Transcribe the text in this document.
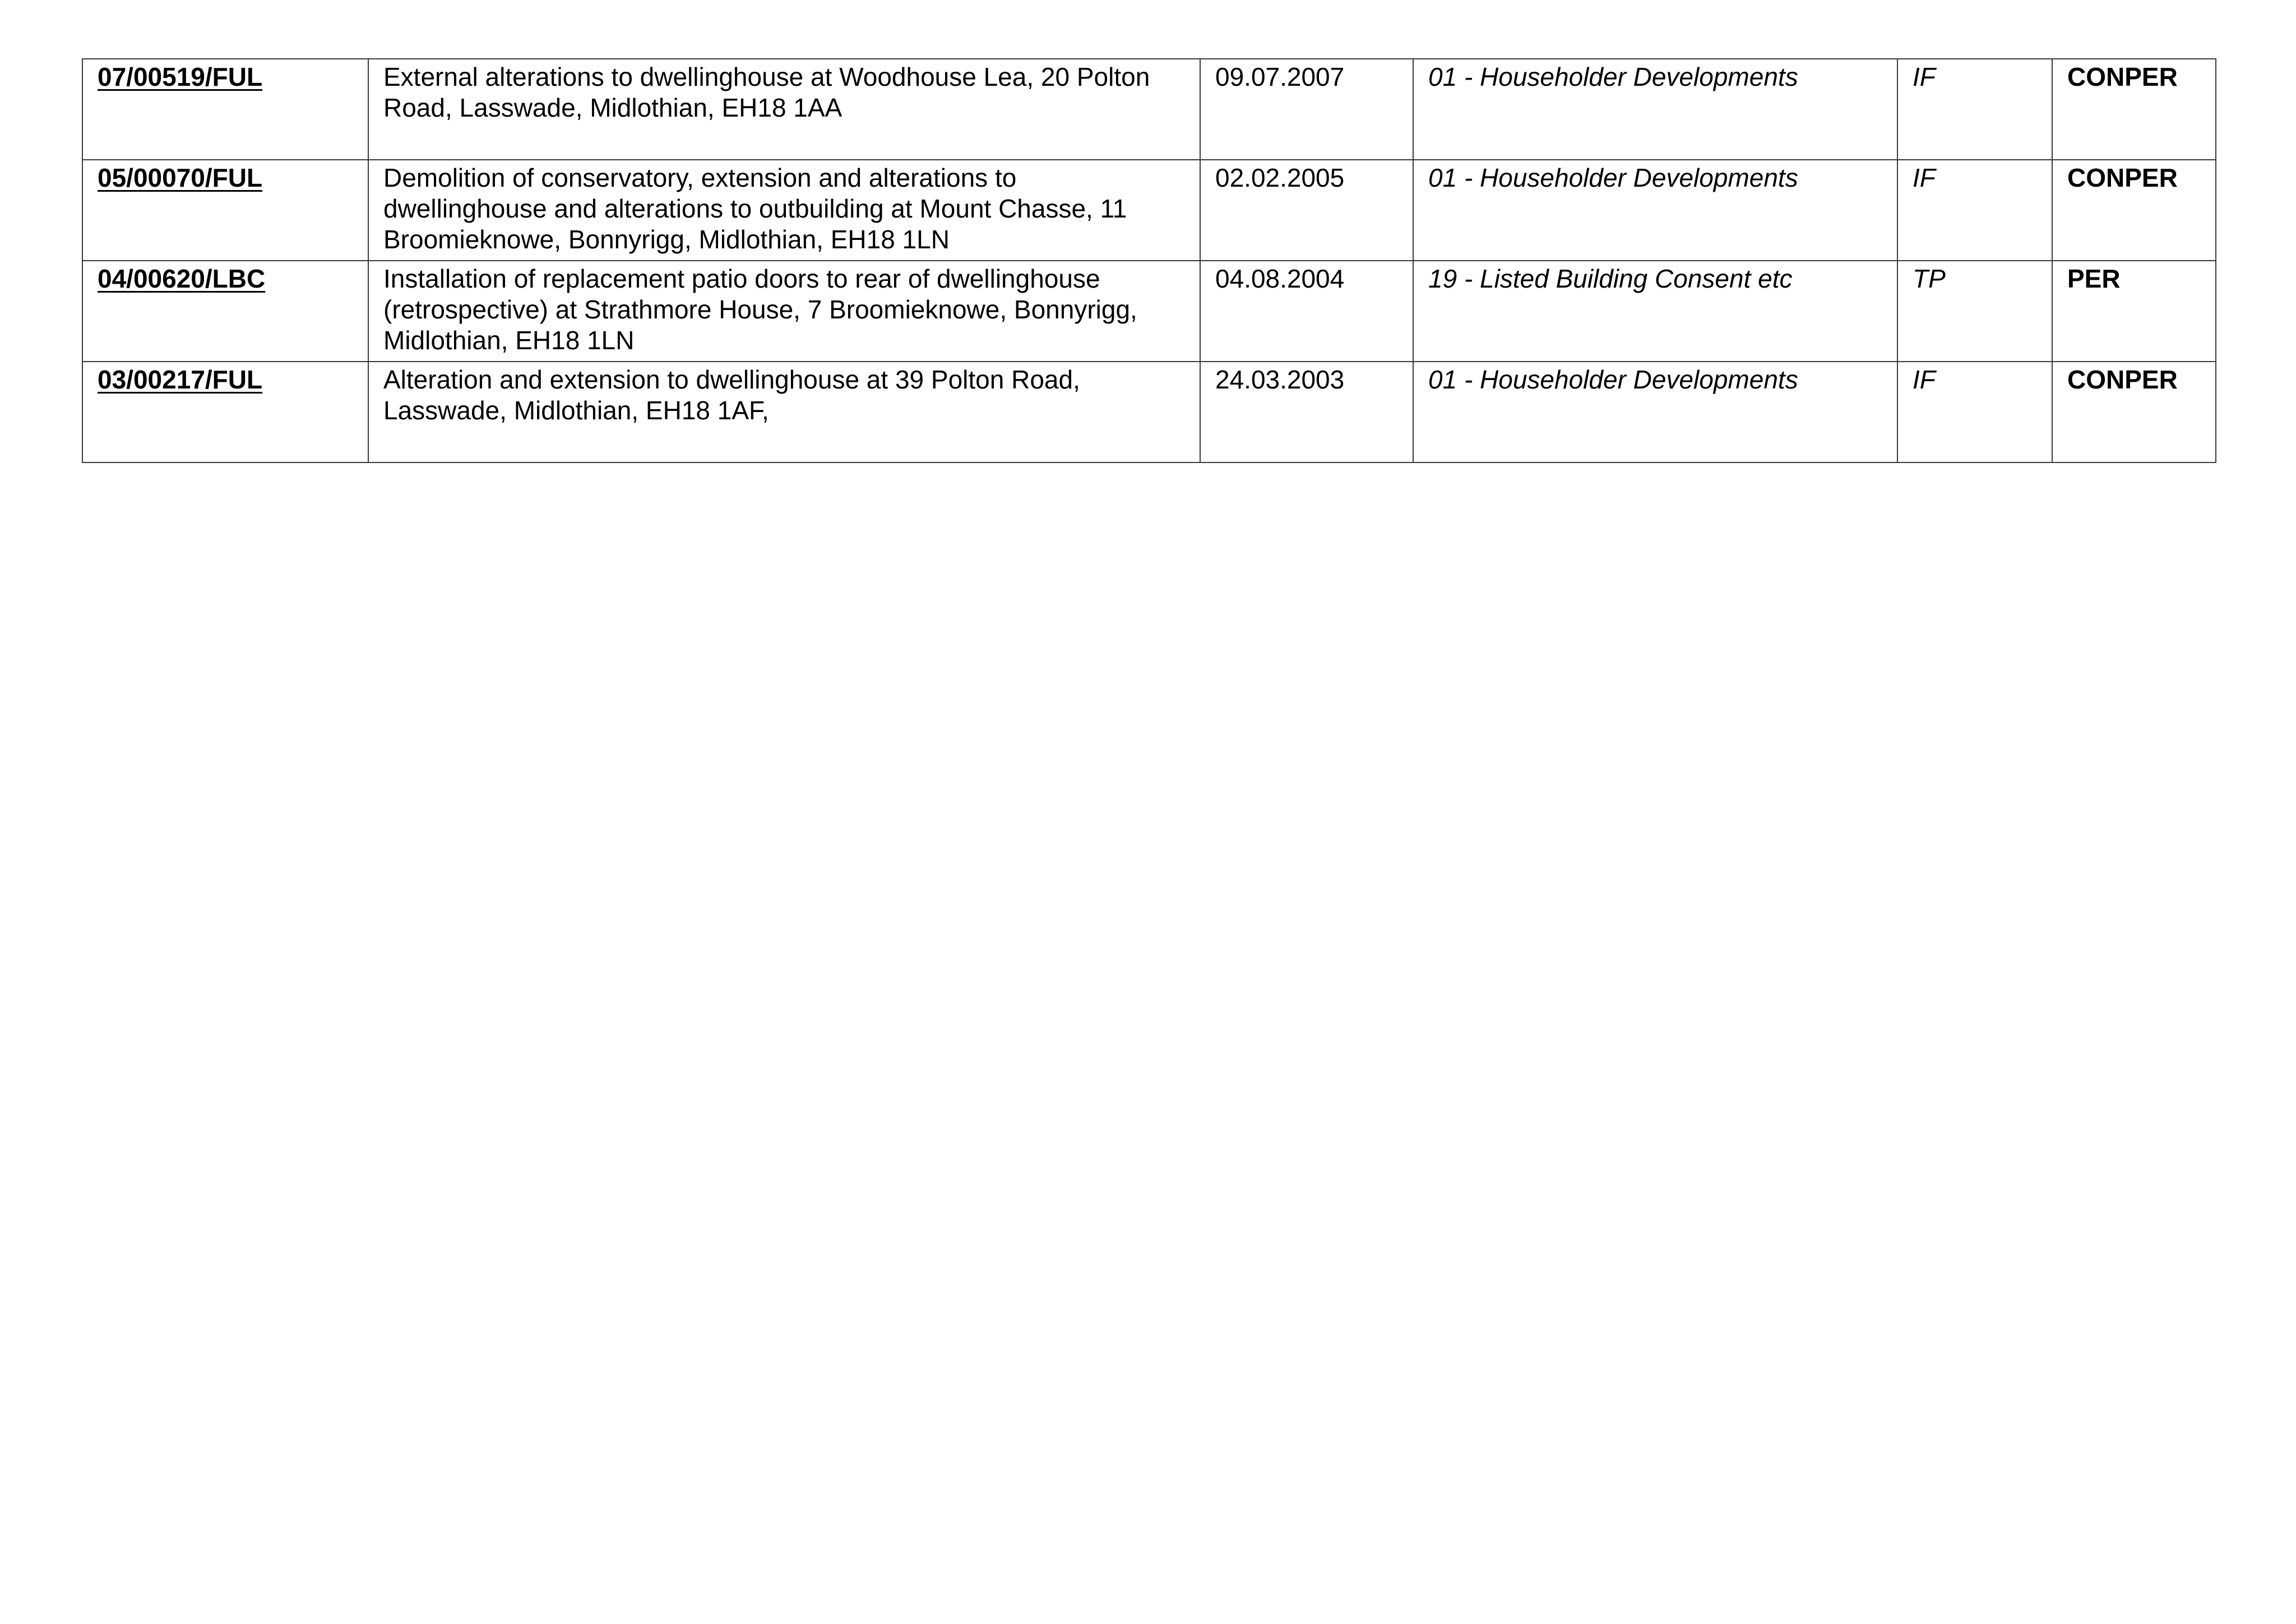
07/00519/FUL	External alterations to dwellinghouse at Woodhouse Lea, 20 Polton Road, Lasswade, Midlothian, EH18 1AA	09.07.2007	01 - Householder Developments	IF	CONPER

05/00070/FUL	Demolition of conservatory, extension and alterations to dwellinghouse and alterations to outbuilding at Mount Chasse, 11 Broomieknowe, Bonnyrigg, Midlothian, EH18 1LN	02.02.2005	01 - Householder Developments	IF	CONPER

04/00620/LBC	Installation of replacement patio doors to rear of dwellinghouse (retrospective) at Strathmore House, 7 Broomieknowe, Bonnyrigg, Midlothian, EH18 1LN	04.08.2004	19 - Listed Building Consent etc	TP	PER

03/00217/FUL	Alteration and extension to dwellinghouse at 39 Polton Road, Lasswade, Midlothian, EH18 1AF,	24.03.2003	01 - Householder Developments	IF	CONPER
